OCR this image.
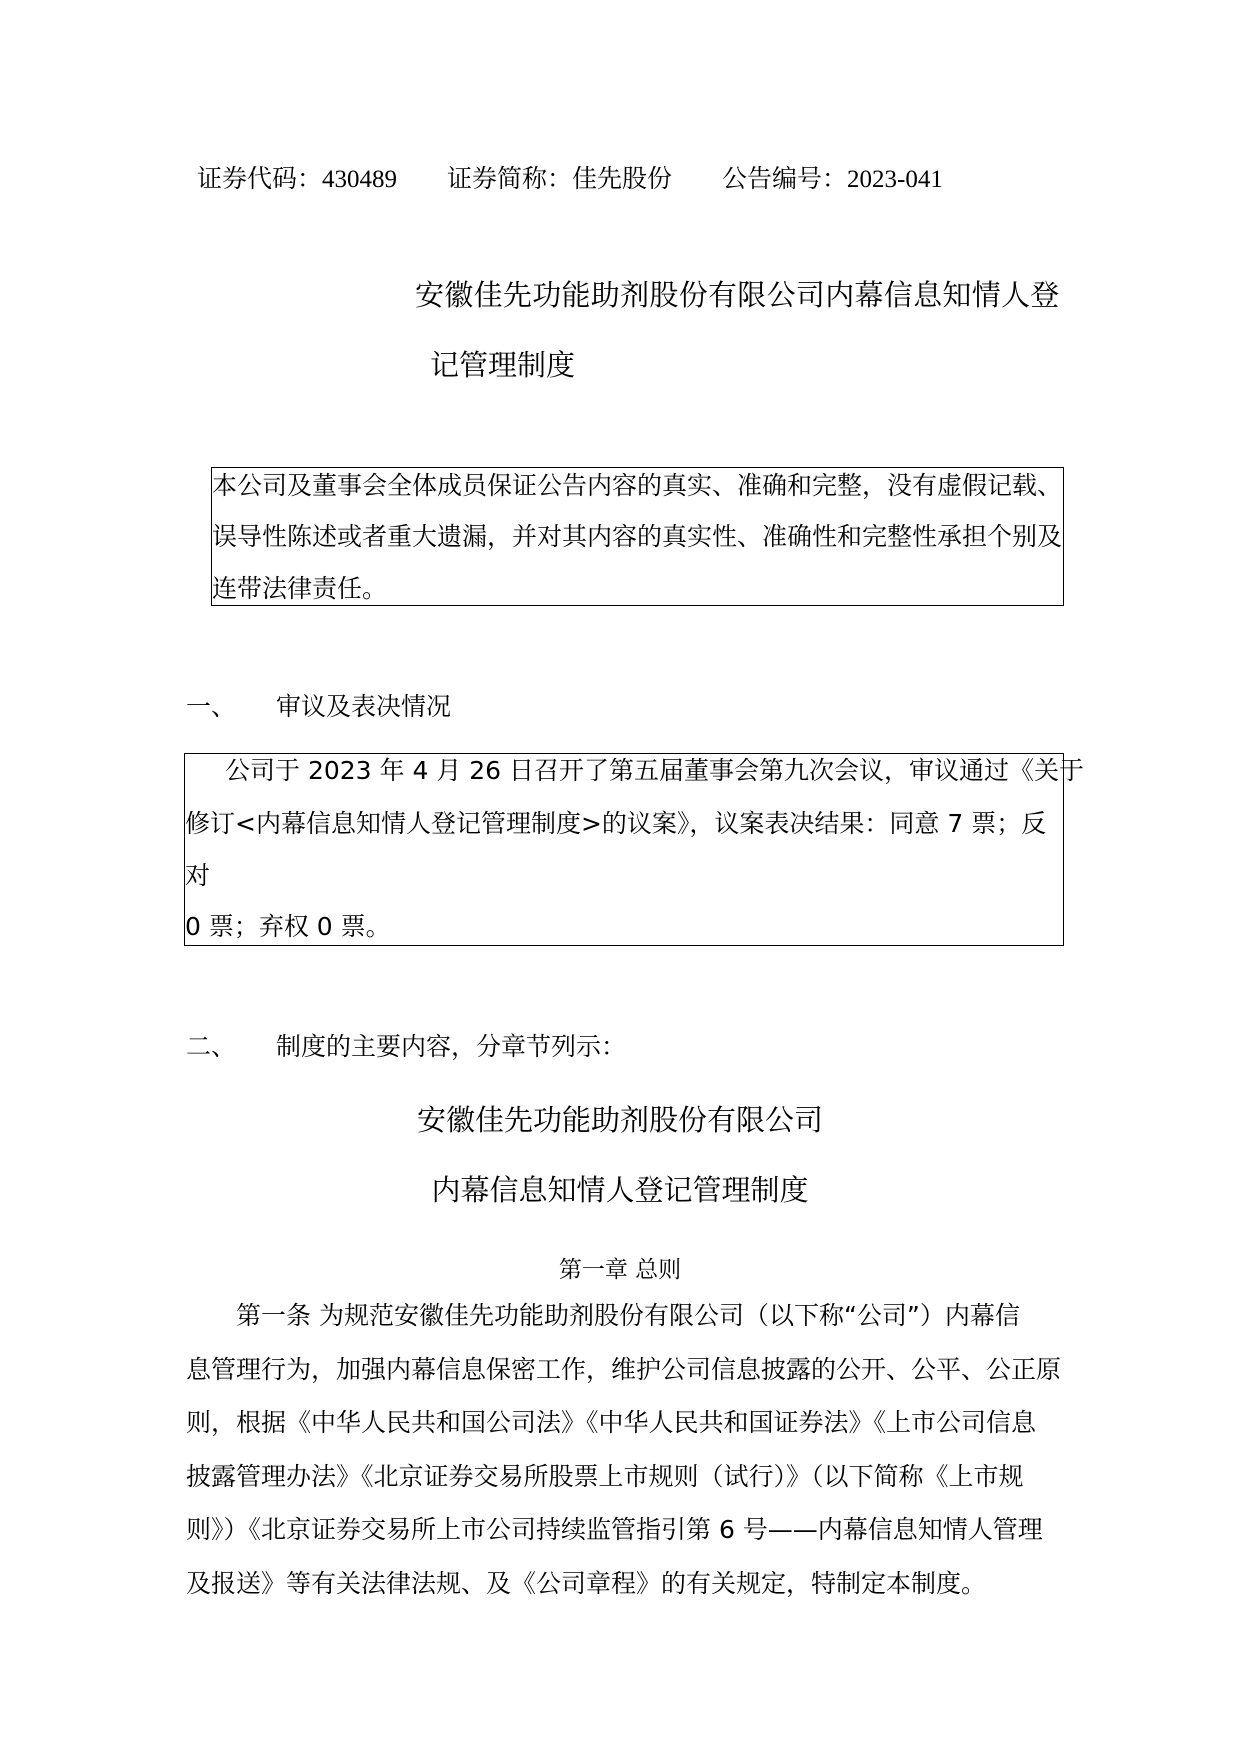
证券代码：430489 证券简称：佳先股份 公告编号：2023-041
安徽佳先功能助剂股份有限公司内幕信息知情人登
记管理制度
本公司及董事会全体成员保证公告内容的真实、准确和完整，没有虚假记载、
误导性陈述或者重大遗漏，并对其内容的真实性、准确性和完整性承担个别及
连带法律责任。
一、 审议及表决情况
公司于 2023 年 4 月 26 日召开了第五届董事会第九次会议，审议通过《关于
修订<内幕信息知情人登记管理制度>的议案》，议案表决结果：同意 7 票；反
对
0 票；弃权 0 票。
二、 制度的主要内容，分章节列示：
安徽佳先功能助剂股份有限公司
内幕信息知情人登记管理制度
第一章 总则
第一条 为规范安徽佳先功能助剂股份有限公司（以下称“公司”）内幕信
息管理行为，加强内幕信息保密工作，维护公司信息披露的公开、公平、公正原
则，根据《中华人民共和国公司法》《中华人民共和国证券法》《上市公司信息
披露管理办法》《北京证券交易所股票上市规则（试行）》（以下简称《上市规
则》）《北京证券交易所上市公司持续监管指引第 6 号——内幕信息知情人管理
及报送》等有关法律法规、及《公司章程》的有关规定，特制定本制度。
